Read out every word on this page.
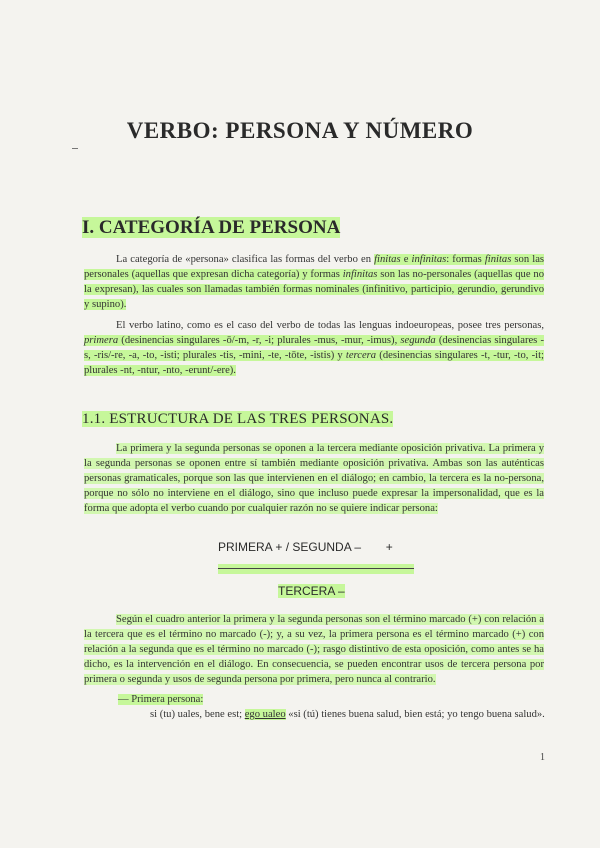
VERBO: PERSONA Y NÚMERO
I. CATEGORÍA DE PERSONA
La categoría de «persona» clasifica las formas del verbo en finitas e infinitas: formas finitas son las personales (aquellas que expresan dicha categoría) y formas infinitas son las no-personales (aquellas que no la expresan), las cuales son llamadas también formas nominales (infinitivo, participio, gerundio, gerundivo y supino).
El verbo latino, como es el caso del verbo de todas las lenguas indoeuropeas, posee tres personas, primera (desinencias singulares -ō/-m, -r, -i; plurales -mus, -mur, -imus), segunda (desinencias singulares -s, -ris/-re, -a, -to, -isti; plurales -tis, -mini, -te, -tōte, -istis) y tercera (desinencias singulares -t, -tur, -to, -it; plurales -nt, -ntur, -nto, -erunt/-ere).
1.1. ESTRUCTURA DE LAS TRES PERSONAS.
La primera y la segunda personas se oponen a la tercera mediante oposición privativa. La primera y la segunda personas se oponen entre sí también mediante oposición privativa. Ambas son las auténticas personas gramaticales, porque son las que intervienen en el diálogo; en cambio, la tercera es la no-persona, porque no sólo no interviene en el diálogo, sino que incluso puede expresar la impersonalidad, que es la forma que adopta el verbo cuando por cualquier razón no se quiere indicar persona:
PRIMERA + / SEGUNDA – +
TERCERA –
Según el cuadro anterior la primera y la segunda personas son el término marcado (+) con relación a la tercera que es el término no marcado (-); y, a su vez, la primera persona es el término marcado (+) con relación a la segunda que es el término no marcado (-); rasgo distintivo de esta oposición, como antes se ha dicho, es la intervención en el diálogo. En consecuencia, se pueden encontrar usos de tercera persona por primera o segunda y usos de segunda persona por primera, pero nunca al contrario.
— Primera persona:
si (tu) uales, bene est; ego ualeo «si (tú) tienes buena salud, bien está; yo tengo buena salud».
1
